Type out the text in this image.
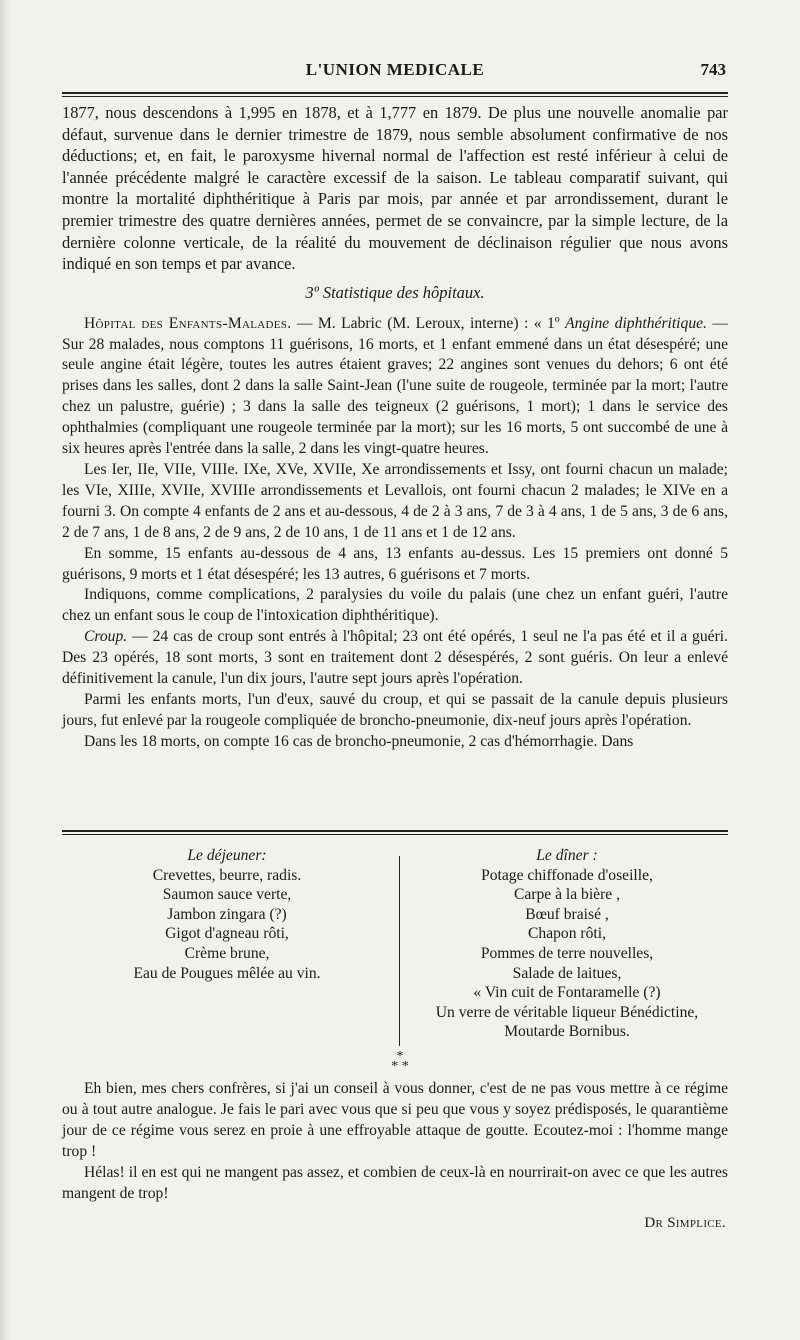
L'UNION MEDICALE	743

1877, nous descendons à 1,995 en 1878, et à 1,777 en 1879. De plus une nouvelle anomalie par défaut, survenue dans le dernier trimestre de 1879, nous semble absolument confirmative de nos déductions; et, en fait, le paroxysme hivernal normal de l'affection est resté inférieur à celui de l'année précédente malgré le caractère excessif de la saison. Le tableau comparatif suivant, qui montre la mortalité diphthéritique à Paris par mois, par année et par arrondissement, durant le premier trimestre des quatre dernières années, permet de se convaincre, par la simple lecture, de la dernière colonne verticale, de la réalité du mouvement de déclinaison régulier que nous avons indiqué en son temps et par avance.

3º Statistique des hôpitaux.

Hôpital des Enfants-Malades. — M. Labric (M. Leroux, interne) : « 1º Angine diphthéritique. — Sur 28 malades, nous comptons 11 guérisons, 16 morts, et 1 enfant emmené dans un état désespéré; une seule angine était légère, toutes les autres étaient graves; 22 angines sont venues du dehors; 6 ont été prises dans les salles, dont 2 dans la salle Saint-Jean (l'une suite de rougeole, terminée par la mort; l'autre chez un palustre, guérie) ; 3 dans la salle des teigneux (2 guérisons, 1 mort); 1 dans le service des ophthalmies (compliquant une rougeole terminée par la mort); sur les 16 morts, 5 ont succombé de une à six heures après l'entrée dans la salle, 2 dans les vingt-quatre heures.

Les Ier, IIe, VIIe, VIIIe. IXe, XVe, XVIIe, Xe arrondissements et Issy, ont fourni chacun un malade; les VIe, XIIIe, XVIIe, XVIIIe arrondissements et Levallois, ont fourni chacun 2 malades; le XIVe en a fourni 3. On compte 4 enfants de 2 ans et au-dessous, 4 de 2 à 3 ans, 7 de 3 à 4 ans, 1 de 5 ans, 3 de 6 ans, 2 de 7 ans, 1 de 8 ans, 2 de 9 ans, 2 de 10 ans, 1 de 11 ans et 1 de 12 ans.

En somme, 15 enfants au-dessous de 4 ans, 13 enfants au-dessus. Les 15 premiers ont donné 5 guérisons, 9 morts et 1 état désespéré; les 13 autres, 6 guérisons et 7 morts.

Indiquons, comme complications, 2 paralysies du voile du palais (une chez un enfant guéri, l'autre chez un enfant sous le coup de l'intoxication diphthéritique).

Croup. — 24 cas de croup sont entrés à l'hôpital; 23 ont été opérés, 1 seul ne l'a pas été et il a guéri. Des 23 opérés, 18 sont morts, 3 sont en traitement dont 2 désespérés, 2 sont guéris. On leur a enlevé définitivement la canule, l'un dix jours, l'autre sept jours après l'opération.

Parmi les enfants morts, l'un d'eux, sauvé du croup, et qui se passait de la canule depuis plusieurs jours, fut enlevé par la rougeole compliquée de broncho-pneumonie, dix-neuf jours après l'opération.

Dans les 18 morts, on compte 16 cas de broncho-pneumonie, 2 cas d'hémorrhagie. Dans

Le déjeuner:
Crevettes, beurre, radis.
Saumon sauce verte,
Jambon zingara (?)
Gigot d'agneau rôti,
Crème brune,
Eau de Pougues mêlée au vin.
Le dîner :
Potage chiffonade d'oseille,
Carpe à la bière ,
Bœuf braisé ,
Chapon rôti,
Pommes de terre nouvelles,
Salade de laitues,
« Vin cuit de Fontaramelle (?)
Un verre de véritable liqueur Bénédictine,
Moutarde Bornibus.
*
* *

Eh bien, mes chers confrères, si j'ai un conseil à vous donner, c'est de ne pas vous mettre à ce régime ou à tout autre analogue. Je fais le pari avec vous que si peu que vous y soyez prédisposés, le quarantième jour de ce régime vous serez en proie à une effroyable attaque de goutte. Ecoutez-moi : l'homme mange trop !

Hélas! il en est qui ne mangent pas assez, et combien de ceux-là en nourrirait-on avec ce que les autres mangent de trop!

Dr Simplice.
